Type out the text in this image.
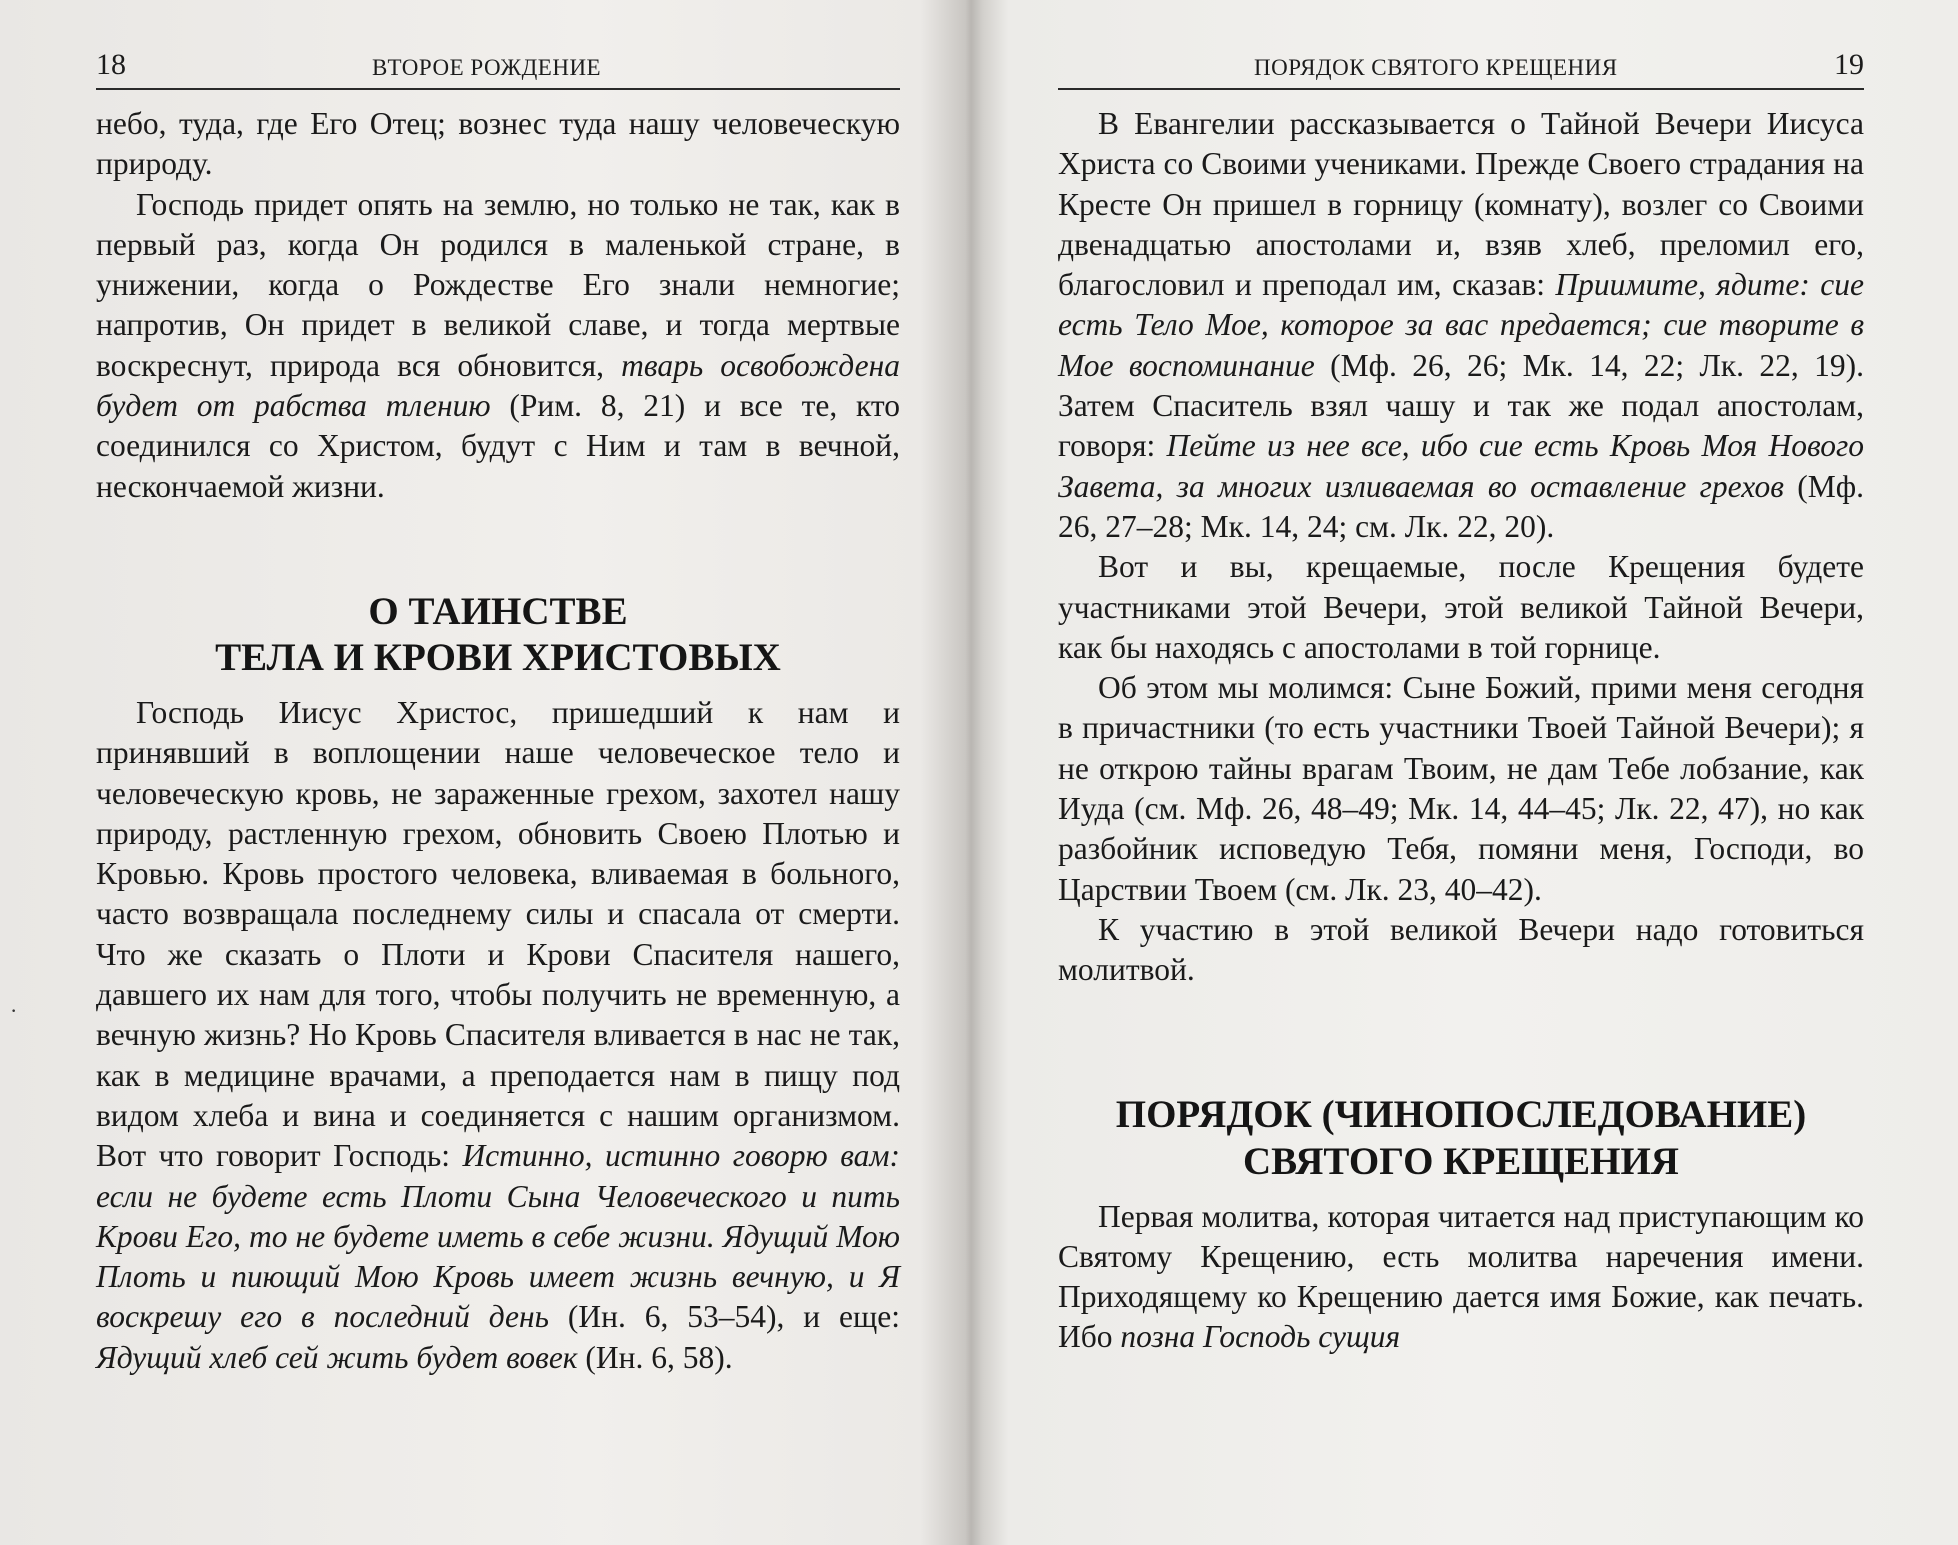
18	ВТОРОЕ РОЖДЕНИЕ

небо, туда, где Его Отец; вознес туда нашу человеческую природу.

Господь придет опять на землю, но только не так, как в первый раз, когда Он родился в маленькой стране, в унижении, когда о Рождестве Его знали немногие; напротив, Он придет в великой славе, и тогда мертвые воскреснут, природа вся обновится, тварь освобождена будет от рабства тлению (Рим. 8, 21) и все те, кто соединился со Христом, будут с Ним и там в вечной, нескончаемой жизни.

О ТАИНСТВЕ
ТЕЛА И КРОВИ ХРИСТОВЫХ

Господь Иисус Христос, пришедший к нам и принявший в воплощении наше человеческое тело и человеческую кровь, не зараженные грехом, захотел нашу природу, растленную грехом, обновить Своею Плотью и Кровью. Кровь простого человека, вливаемая в больного, часто возвращала последнему силы и спасала от смерти. Что же сказать о Плоти и Крови Спасителя нашего, давшего их нам для того, чтобы получить не временную, а вечную жизнь? Но Кровь Спасителя вливается в нас не так, как в медицине врачами, а преподается нам в пищу под видом хлеба и вина и соединяется с нашим организмом. Вот что говорит Господь: Истинно, истинно говорю вам: если не будете есть Плоти Сына Человеческого и пить Крови Его, то не будете иметь в себе жизни. Ядущий Мою Плоть и пиющий Мою Кровь имеет жизнь вечную, и Я воскрешу его в последний день (Ин. 6, 53–54), и еще: Ядущий хлеб сей жить будет вовек (Ин. 6, 58).

·
ПОРЯДОК СВЯТОГО КРЕЩЕНИЯ	19

В Евангелии рассказывается о Тайной Вечери Иисуса Христа со Своими учениками. Прежде Своего страдания на Кресте Он пришел в горницу (комнату), возлег со Своими двенадцатью апостолами и, взяв хлеб, преломил его, благословил и преподал им, сказав: Приимите, ядите: сие есть Тело Мое, которое за вас предается; сие творите в Мое воспоминание (Мф. 26, 26; Мк. 14, 22; Лк. 22, 19). Затем Спаситель взял чашу и так же подал апостолам, говоря: Пейте из нее все, ибо сие есть Кровь Моя Нового Завета, за многих изливаемая во оставление грехов (Мф. 26, 27–28; Мк. 14, 24; см. Лк. 22, 20).

Вот и вы, крещаемые, после Крещения будете участниками этой Вечери, этой великой Тайной Вечери, как бы находясь с апостолами в той горнице.

Об этом мы молимся: Сыне Божий, прими меня сегодня в причастники (то есть участники Твоей Тайной Вечери); я не открою тайны врагам Твоим, не дам Тебе лобзание, как Иуда (см. Мф. 26, 48–49; Мк. 14, 44–45; Лк. 22, 47), но как разбойник исповедую Тебя, помяни меня, Господи, во Царствии Твоем (см. Лк. 23, 40–42).

К участию в этой великой Вечери надо готовиться молитвой.

ПОРЯДОК (ЧИНОПОСЛЕДОВАНИЕ)
СВЯТОГО КРЕЩЕНИЯ

Первая молитва, которая читается над приступающим ко Святому Крещению, есть молитва наречения имени. Приходящему ко Крещению дается имя Божие, как печать. Ибо позна Господь сущия
